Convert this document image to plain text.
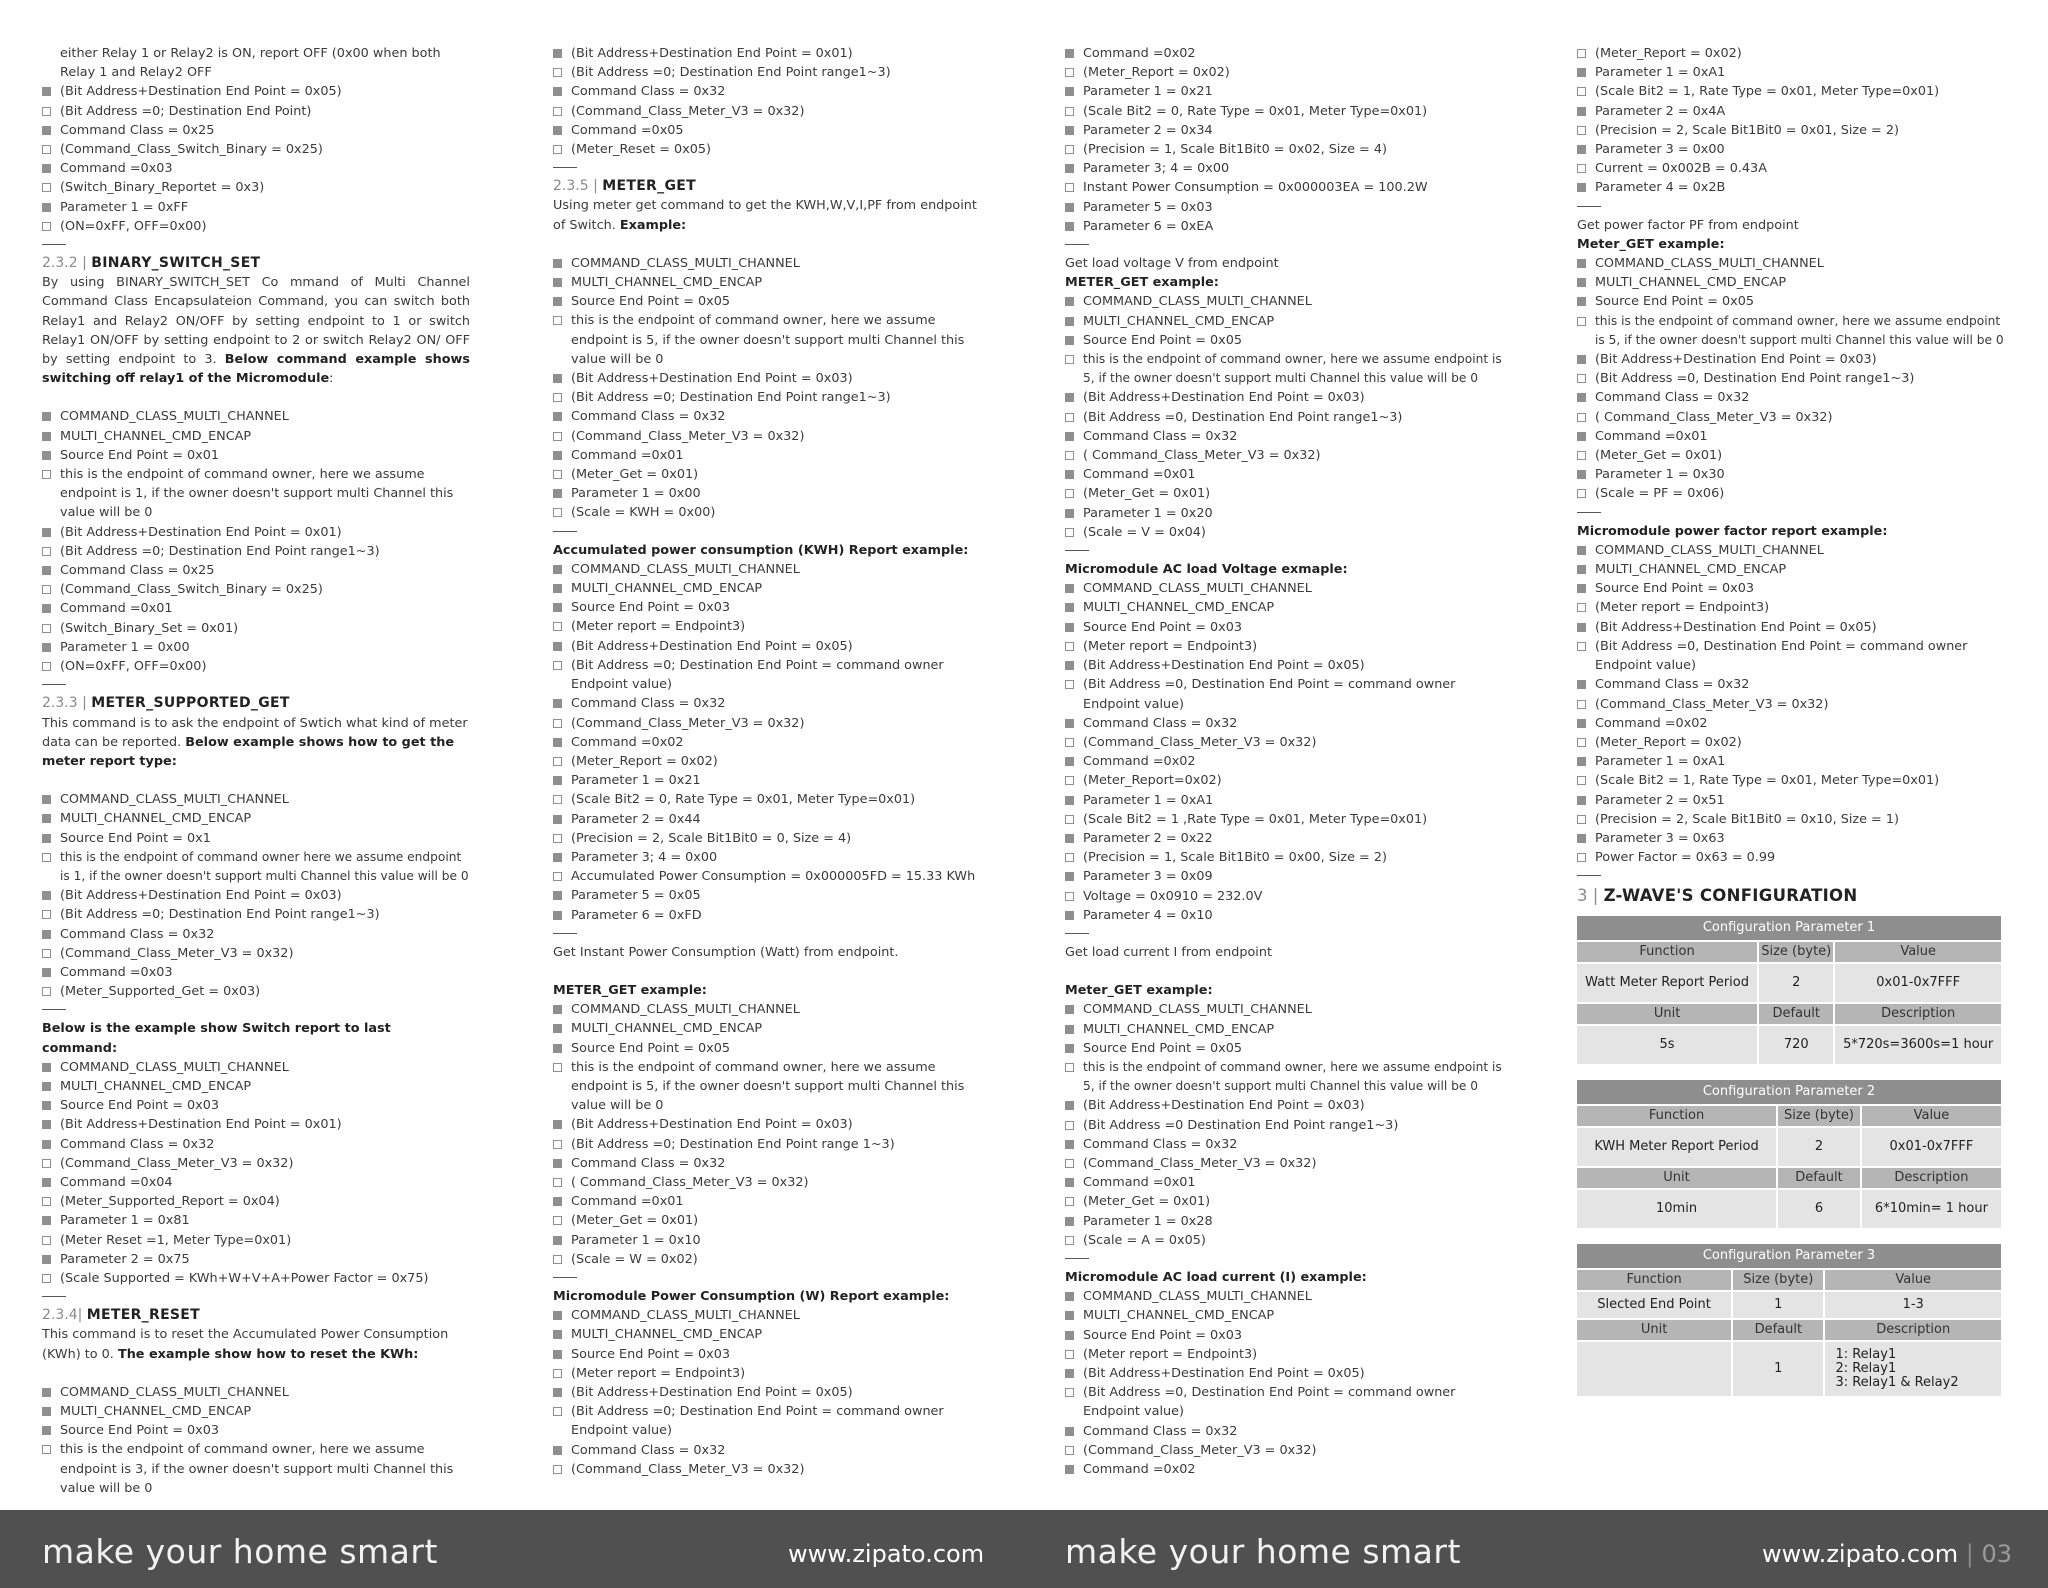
either Relay 1 or Relay2 is ON, report OFF (0x00 when both Relay 1 and Relay2 OFF
(Bit Address+Destination End Point = 0x05)
(Bit Address =0; Destination End Point)
Command Class = 0x25
(Command_Class_Switch_Binary = 0x25)
Command =0x03
(Switch_Binary_Reportet = 0x3)
Parameter 1 = 0xFF
(ON=0xFF, OFF=0x00)
2.3.2 | BINARY_SWITCH_SET
By using BINARY_SWITCH_SET Co mmand of Multi Channel Command Class Encapsulateion Command, you can switch both Relay1 and Relay2 ON/OFF by setting endpoint to 1 or switch Relay1 ON/OFF by setting endpoint to 2 or switch Relay2 ON/ OFF by setting endpoint to 3. Below command example shows switching off relay1 of the Micromodule:
COMMAND_CLASS_MULTI_CHANNEL
MULTI_CHANNEL_CMD_ENCAP
Source End Point = 0x01
this is the endpoint of command owner, here we assume endpoint is 1, if the owner doesn't support multi Channel this value will be 0
(Bit Address+Destination End Point = 0x01)
(Bit Address =0; Destination End Point range1~3)
Command Class = 0x25
(Command_Class_Switch_Binary = 0x25)
Command =0x01
(Switch_Binary_Set = 0x01)
Parameter 1 = 0x00
(ON=0xFF, OFF=0x00)
2.3.3 | METER_SUPPORTED_GET
This command is to ask the endpoint of Swtich what kind of meter data can be reported. Below example shows how to get the meter report type:
COMMAND_CLASS_MULTI_CHANNEL
MULTI_CHANNEL_CMD_ENCAP
Source End Point = 0x1
this is the endpoint of command owner here we assume endpoint is 1, if the owner doesn't support multi Channel this value will be 0
(Bit Address+Destination End Point = 0x03)
(Bit Address =0; Destination End Point range1~3)
Command Class = 0x32
(Command_Class_Meter_V3 = 0x32)
Command =0x03
(Meter_Supported_Get = 0x03)
Below is the example show Switch report to last command:
COMMAND_CLASS_MULTI_CHANNEL
MULTI_CHANNEL_CMD_ENCAP
Source End Point = 0x03
(Bit Address+Destination End Point = 0x01)
Command Class = 0x32
(Command_Class_Meter_V3 = 0x32)
Command =0x04
(Meter_Supported_Report = 0x04)
Parameter 1 = 0x81
(Meter Reset =1, Meter Type=0x01)
Parameter 2 = 0x75
(Scale Supported = KWh+W+V+A+Power Factor = 0x75)
2.3.4| METER_RESET
This command is to reset the Accumulated Power Consumption (KWh) to 0. The example show how to reset the KWh:
COMMAND_CLASS_MULTI_CHANNEL
MULTI_CHANNEL_CMD_ENCAP
Source End Point = 0x03
this is the endpoint of command owner, here we assume endpoint is 3, if the owner doesn't support multi Channel this value will be 0
(Bit Address+Destination End Point = 0x01)
(Bit Address =0; Destination End Point range1~3)
Command Class = 0x32
(Command_Class_Meter_V3 = 0x32)
Command =0x05
(Meter_Reset = 0x05)
2.3.5 | METER_GET
Using meter get command to get the KWH,W,V,I,PF from endpoint of Switch. Example:
COMMAND_CLASS_MULTI_CHANNEL
MULTI_CHANNEL_CMD_ENCAP
Source End Point = 0x05
this is the endpoint of command owner, here we assume endpoint is 5, if the owner doesn't support multi Channel this value will be 0
(Bit Address+Destination End Point = 0x03)
(Bit Address =0; Destination End Point range1~3)
Command Class = 0x32
(Command_Class_Meter_V3 = 0x32)
Command =0x01
(Meter_Get = 0x01)
Parameter 1 = 0x00
(Scale = KWH = 0x00)
Accumulated power consumption (KWH) Report example:
COMMAND_CLASS_MULTI_CHANNEL
MULTI_CHANNEL_CMD_ENCAP
Source End Point = 0x03
(Meter report = Endpoint3)
(Bit Address+Destination End Point = 0x05)
(Bit Address =0; Destination End Point = command owner Endpoint value)
Command Class = 0x32
(Command_Class_Meter_V3 = 0x32)
Command =0x02
(Meter_Report = 0x02)
Parameter 1 = 0x21
(Scale Bit2 = 0, Rate Type = 0x01, Meter Type=0x01)
Parameter 2 = 0x44
(Precision = 2, Scale Bit1Bit0 = 0, Size = 4)
Parameter 3; 4 = 0x00
Accumulated Power Consumption = 0x000005FD = 15.33 KWh
Parameter 5 = 0x05
Parameter 6 = 0xFD
Get Instant Power Consumption (Watt) from endpoint.
METER_GET example:
COMMAND_CLASS_MULTI_CHANNEL
MULTI_CHANNEL_CMD_ENCAP
Source End Point = 0x05
this is the endpoint of command owner, here we assume endpoint is 5, if the owner doesn't support multi Channel this value will be 0
(Bit Address+Destination End Point = 0x03)
(Bit Address =0; Destination End Point range 1~3)
Command Class = 0x32
( Command_Class_Meter_V3 = 0x32)
Command =0x01
(Meter_Get = 0x01)
Parameter 1 = 0x10
(Scale = W = 0x02)
Micromodule Power Consumption (W) Report example:
COMMAND_CLASS_MULTI_CHANNEL
MULTI_CHANNEL_CMD_ENCAP
Source End Point = 0x03
(Meter report = Endpoint3)
(Bit Address+Destination End Point = 0x05)
(Bit Address =0; Destination End Point = command owner Endpoint value)
Command Class = 0x32
(Command_Class_Meter_V3 = 0x32)
Command =0x02
(Meter_Report = 0x02)
Parameter 1 = 0x21
(Scale Bit2 = 0, Rate Type = 0x01, Meter Type=0x01)
Parameter 2 = 0x34
(Precision = 1, Scale Bit1Bit0 = 0x02, Size = 4)
Parameter 3; 4 = 0x00
Instant Power Consumption = 0x000003EA = 100.2W
Parameter 5 = 0x03
Parameter 6 = 0xEA
Get load voltage V from endpoint
METER_GET example:
COMMAND_CLASS_MULTI_CHANNEL
MULTI_CHANNEL_CMD_ENCAP
Source End Point = 0x05
this is the endpoint of command owner, here we assume endpoint is 5, if the owner doesn't support multi Channel this value will be 0
(Bit Address+Destination End Point = 0x03)
(Bit Address =0, Destination End Point range1~3)
Command Class = 0x32
( Command_Class_Meter_V3 = 0x32)
Command =0x01
(Meter_Get = 0x01)
Parameter 1 = 0x20
(Scale = V = 0x04)
Micromodule AC load Voltage exmaple:
COMMAND_CLASS_MULTI_CHANNEL
MULTI_CHANNEL_CMD_ENCAP
Source End Point = 0x03
(Meter report = Endpoint3)
(Bit Address+Destination End Point = 0x05)
(Bit Address =0, Destination End Point = command owner Endpoint value)
Command Class = 0x32
(Command_Class_Meter_V3 = 0x32)
Command =0x02
(Meter_Report=0x02)
Parameter 1 = 0xA1
(Scale Bit2 = 1 ,Rate Type = 0x01, Meter Type=0x01)
Parameter 2 = 0x22
(Precision = 1, Scale Bit1Bit0 = 0x00, Size = 2)
Parameter 3 = 0x09
Voltage = 0x0910 = 232.0V
Parameter 4 = 0x10
Get load current I from endpoint
Meter_GET example:
COMMAND_CLASS_MULTI_CHANNEL
MULTI_CHANNEL_CMD_ENCAP
Source End Point = 0x05
this is the endpoint of command owner, here we assume endpoint is 5, if the owner doesn't support multi Channel this value will be 0
(Bit Address+Destination End Point = 0x03)
(Bit Address =0 Destination End Point range1~3)
Command Class = 0x32
(Command_Class_Meter_V3 = 0x32)
Command =0x01
(Meter_Get = 0x01)
Parameter 1 = 0x28
(Scale = A = 0x05)
Micromodule AC load current (I) example:
COMMAND_CLASS_MULTI_CHANNEL
MULTI_CHANNEL_CMD_ENCAP
Source End Point = 0x03
(Meter report = Endpoint3)
(Bit Address+Destination End Point = 0x05)
(Bit Address =0, Destination End Point = command owner Endpoint value)
Command Class = 0x32
(Command_Class_Meter_V3 = 0x32)
Command =0x02
(Meter_Report = 0x02)
Parameter 1 = 0xA1
(Scale Bit2 = 1, Rate Type = 0x01, Meter Type=0x01)
Parameter 2 = 0x4A
(Precision = 2, Scale Bit1Bit0 = 0x01, Size = 2)
Parameter 3 = 0x00
Current = 0x002B = 0.43A
Parameter 4 = 0x2B
Get power factor PF from endpoint
Meter_GET example:
COMMAND_CLASS_MULTI_CHANNEL
MULTI_CHANNEL_CMD_ENCAP
Source End Point = 0x05
this is the endpoint of command owner, here we assume endpoint is 5, if the owner doesn't support multi Channel this value will be 0
(Bit Address+Destination End Point = 0x03)
(Bit Address =0, Destination End Point range1~3)
Command Class = 0x32
( Command_Class_Meter_V3 = 0x32)
Command =0x01
(Meter_Get = 0x01)
Parameter 1 = 0x30
(Scale = PF = 0x06)
Micromodule power factor report example:
COMMAND_CLASS_MULTI_CHANNEL
MULTI_CHANNEL_CMD_ENCAP
Source End Point = 0x03
(Meter report = Endpoint3)
(Bit Address+Destination End Point = 0x05)
(Bit Address =0, Destination End Point = command owner Endpoint value)
Command Class = 0x32
(Command_Class_Meter_V3 = 0x32)
Command =0x02
(Meter_Report = 0x02)
Parameter 1 = 0xA1
(Scale Bit2 = 1, Rate Type = 0x01, Meter Type=0x01)
Parameter 2 = 0x51
(Precision = 2, Scale Bit1Bit0 = 0x10, Size = 1)
Parameter 3 = 0x63
Power Factor = 0x63 = 0.99
3 | Z-WAVE'S CONFIGURATION
Configuration Parameter 1		
Function	Size (byte)	Value
Watt Meter Report Period	2	0x01-0x7FFF
Unit	Default	Description
5s	720	5*720s=3600s=1 hour
Configuration Parameter 2		
Function	Size (byte)	Value
KWH Meter Report Period	2	0x01-0x7FFF
Unit	Default	Description
10min	6	6*10min= 1 hour
Configuration Parameter 3		
Function	Size (byte)	Value
Slected End Point	1	1-3
Unit	Default	Description
	1	1: Relay1
2: Relay1
3: Relay1 & Relay2
make your home smart	www.zipato.com make your home smart	www.zipato.com | 03
